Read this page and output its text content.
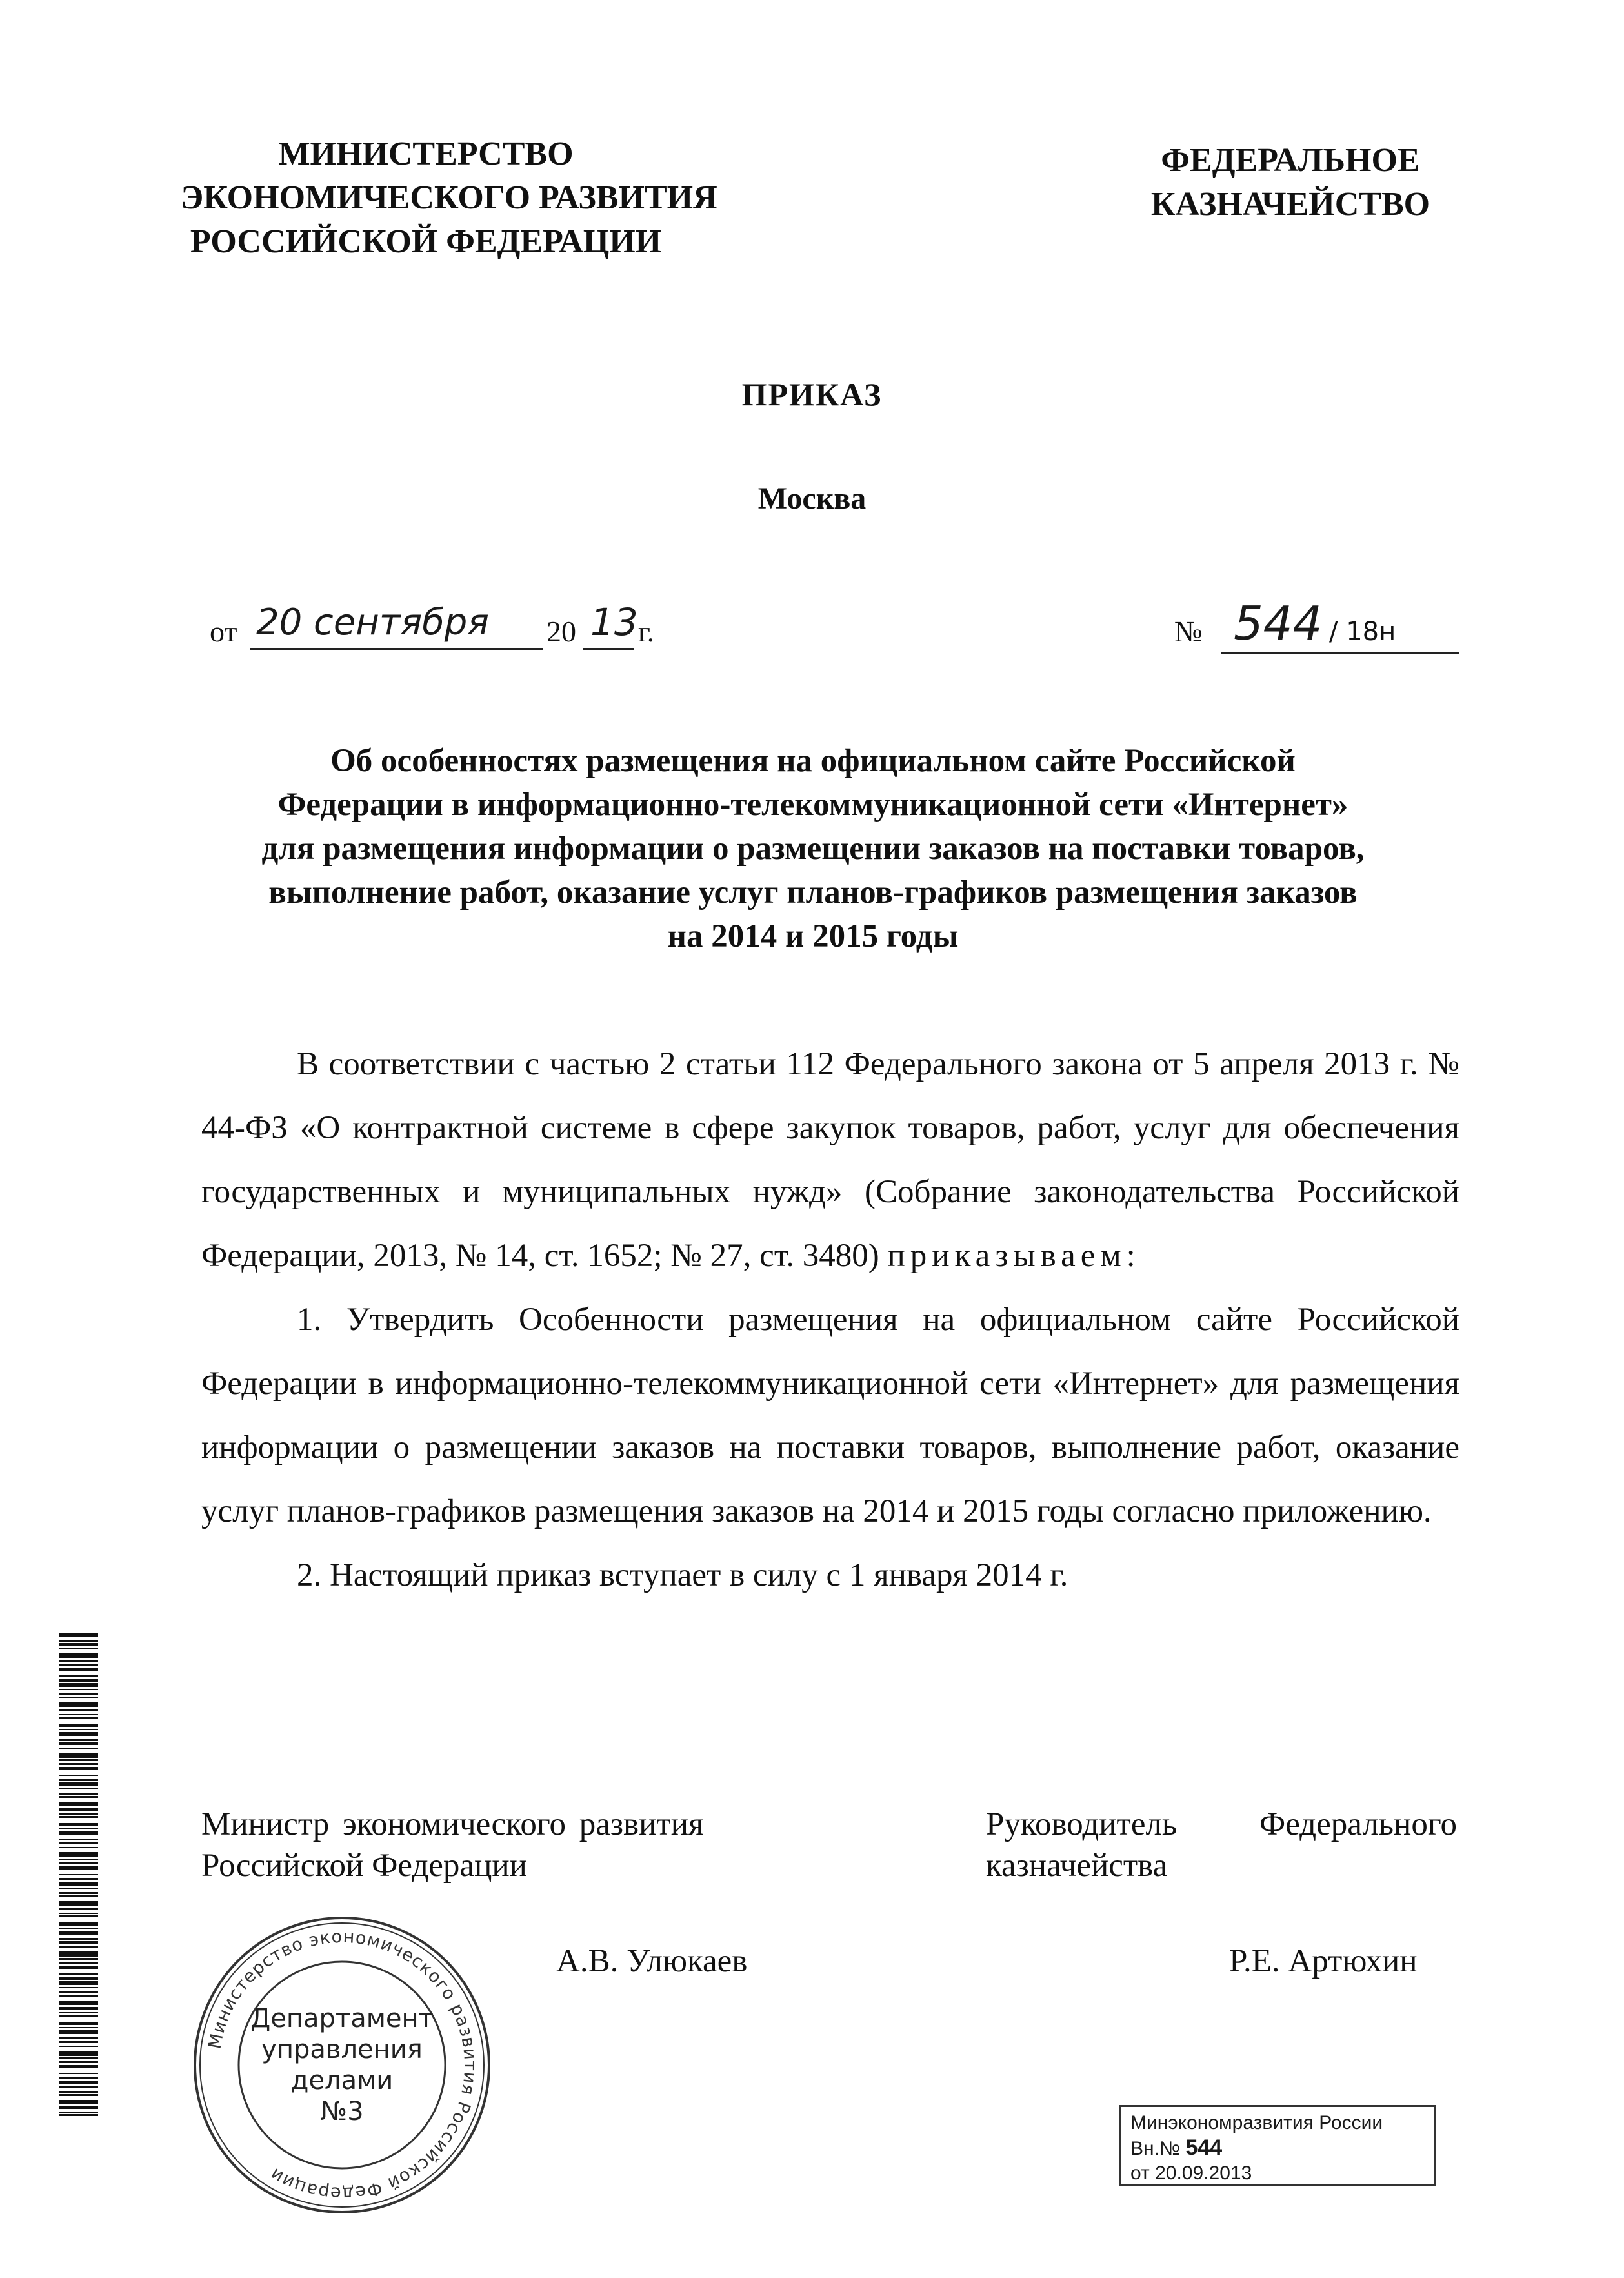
МИНИСТЕРСТВО
ЭКОНОМИЧЕСКОГО РАЗВИТИЯ
РОССИЙСКОЙ ФЕДЕРАЦИИ
ФЕДЕРАЛЬНОЕ
КАЗНАЧЕЙСТВО
ПРИКАЗ
Москва
от 20 сентября 20 13 г.	№ 544 / 18н
Об особенностях размещения на официальном сайте Российской
Федерации в информационно-телекоммуникационной сети «Интернет»
для размещения информации о размещении заказов на поставки товаров,
выполнение работ, оказание услуг планов-графиков размещения заказов
на 2014 и 2015 годы
В соответствии с частью 2 статьи 112 Федерального закона от 5 апреля 2013 г. № 44-ФЗ «О контрактной системе в сфере закупок товаров, работ, услуг для обеспечения государственных и муниципальных нужд» (Собрание законодательства Российской Федерации, 2013, № 14, ст. 1652; № 27, ст. 3480) приказываем:
1. Утвердить Особенности размещения на официальном сайте Российской Федерации в информационно-телекоммуникационной сети «Интернет» для размещения информации о размещении заказов на поставки товаров, выполнение работ, оказание услуг планов-графиков размещения заказов на 2014 и 2015 годы согласно приложению.
2. Настоящий приказ вступает в силу с 1 января 2014 г.
Министр экономического развития
Российской Федерации
Руководитель Федерального
казначейства
А.В. Улюкаев	Р.Е. Артюхин
Министерство экономического развития Российской Федерации
Департамент
управления
делами
№3	Минэкономразвития России
Вн.№ 544
от 20.09.2013
